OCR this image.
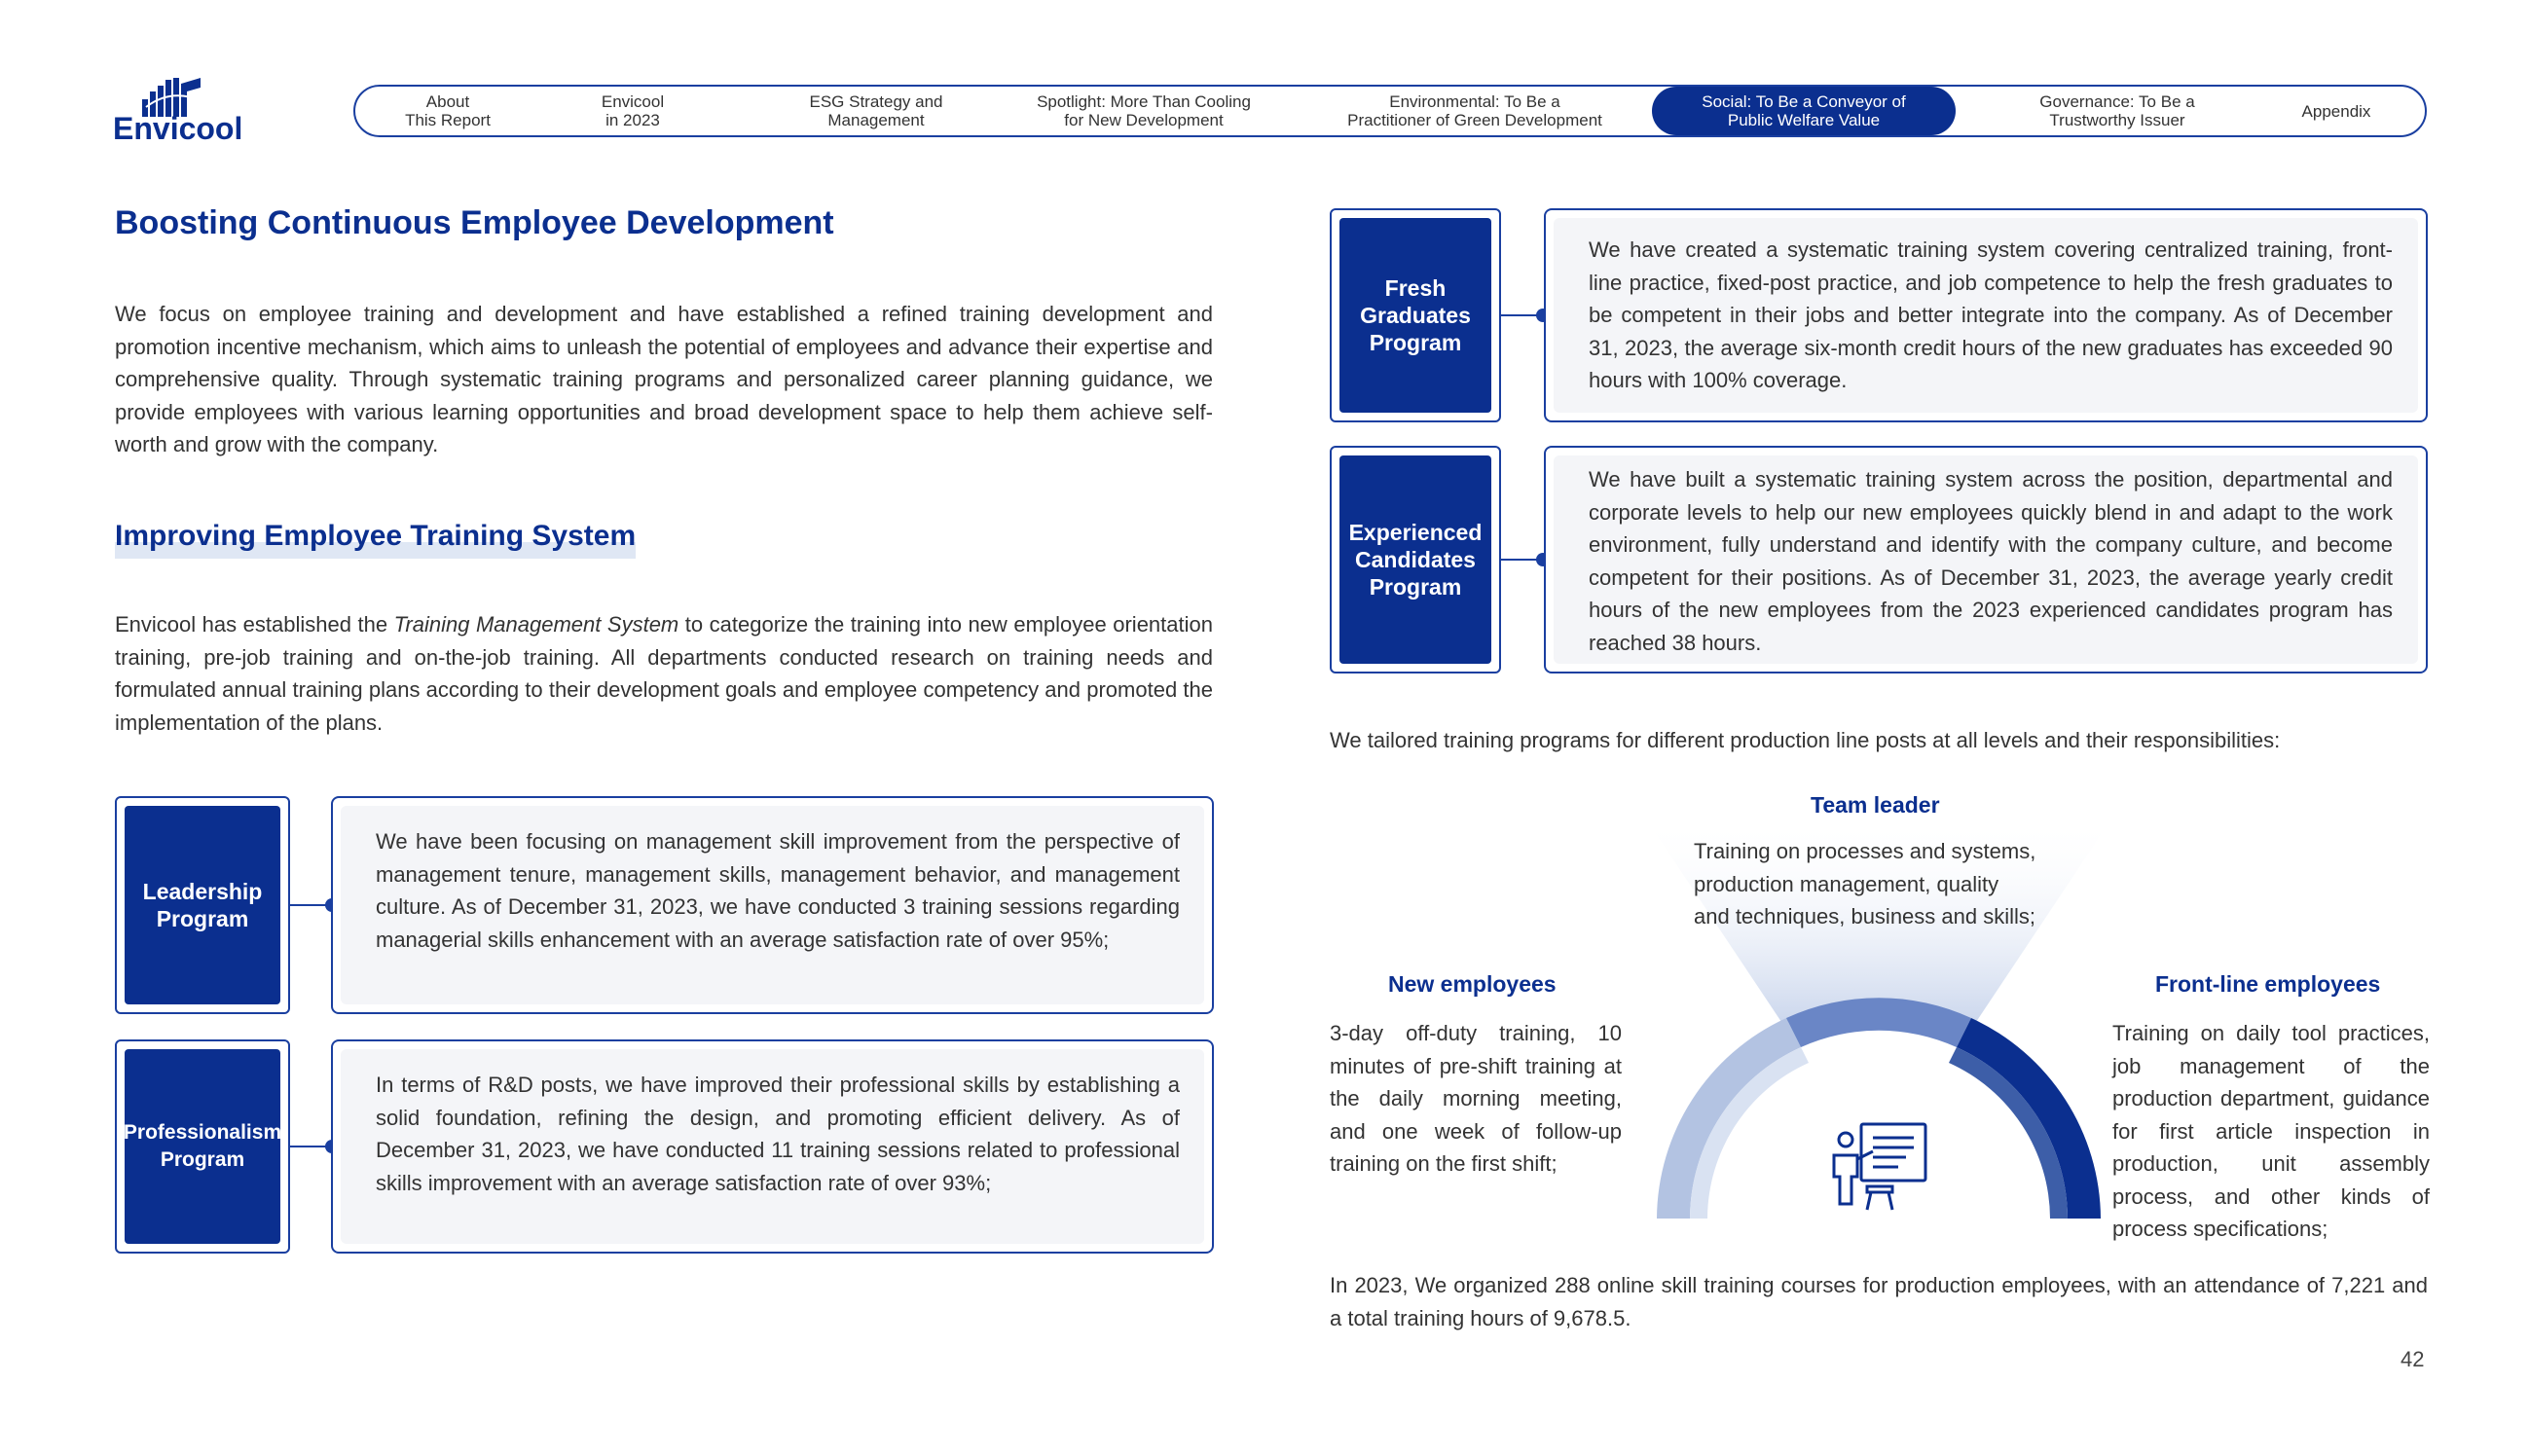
Envicool
About
This Report
Envicool
in 2023
ESG Strategy and
Management
Spotlight: More Than Cooling
for New Development
Environmental: To Be a
Practitioner of Green Development
Social: To Be a Conveyor of
Public Welfare Value
Governance: To Be a
Trustworthy Issuer	Appendix
Boosting Continuous Employee Development
We focus on employee training and development and have established a refined training development and promotion incentive mechanism, which aims to unleash the potential of employees and advance their expertise and comprehensive quality. Through systematic training programs and personalized career planning guidance, we provide employees with various learning opportunities and broad development space to help them achieve self-worth and grow with the company.
Improving Employee Training System
Envicool has established the Training Management System to categorize the training into new employee orientation training, pre-job training and on-the-job training. All departments conducted research on training needs and formulated annual training plans according to their development goals and employee competency and promoted the implementation of the plans.
Leadership
Program
We have been focusing on management skill improvement from the perspective of management tenure, management skills, management behavior, and management culture. As of December 31, 2023, we have conducted 3 training sessions regarding managerial skills enhancement with an average satisfaction rate of over 95%;
Professionalism
Program
In terms of R&D posts, we have improved their professional skills by establishing a solid foundation, refining the design, and promoting efficient delivery. As of December 31, 2023, we have conducted 11 training sessions related to professional skills improvement with an average satisfaction rate of over 93%;
Fresh
Graduates
Program
We have created a systematic training system covering centralized training, front-line practice, fixed-post practice, and job competence to help the fresh graduates to be competent in their jobs and better integrate into the company. As of December 31, 2023, the average six-month credit hours of the new graduates has exceeded 90 hours with 100% coverage.
Experienced
Candidates
Program
We have built a systematic training system across the position, departmental and corporate levels to help our new employees quickly blend in and adapt to the work environment, fully understand and identify with the company culture, and become competent for their positions. As of December 31, 2023, the average yearly credit hours of the new employees from the 2023 experienced candidates program has reached 38 hours.
We tailored training programs for different production line posts at all levels and their responsibilities:
Team leader
Training on processes and systems,
production management, quality
and techniques, business and skills;
New employees
3-day off-duty training, 10 minutes of pre-shift training at the daily morning meeting, and one week of follow-up training on the first shift;
Front-line employees
Training on daily tool practices, job management of the production department, guidance for first article inspection in production, unit assembly process, and other kinds of process specifications;
In 2023, We organized 288 online skill training courses for production employees, with an attendance of 7,221 and a total training hours of 9,678.5.
42
